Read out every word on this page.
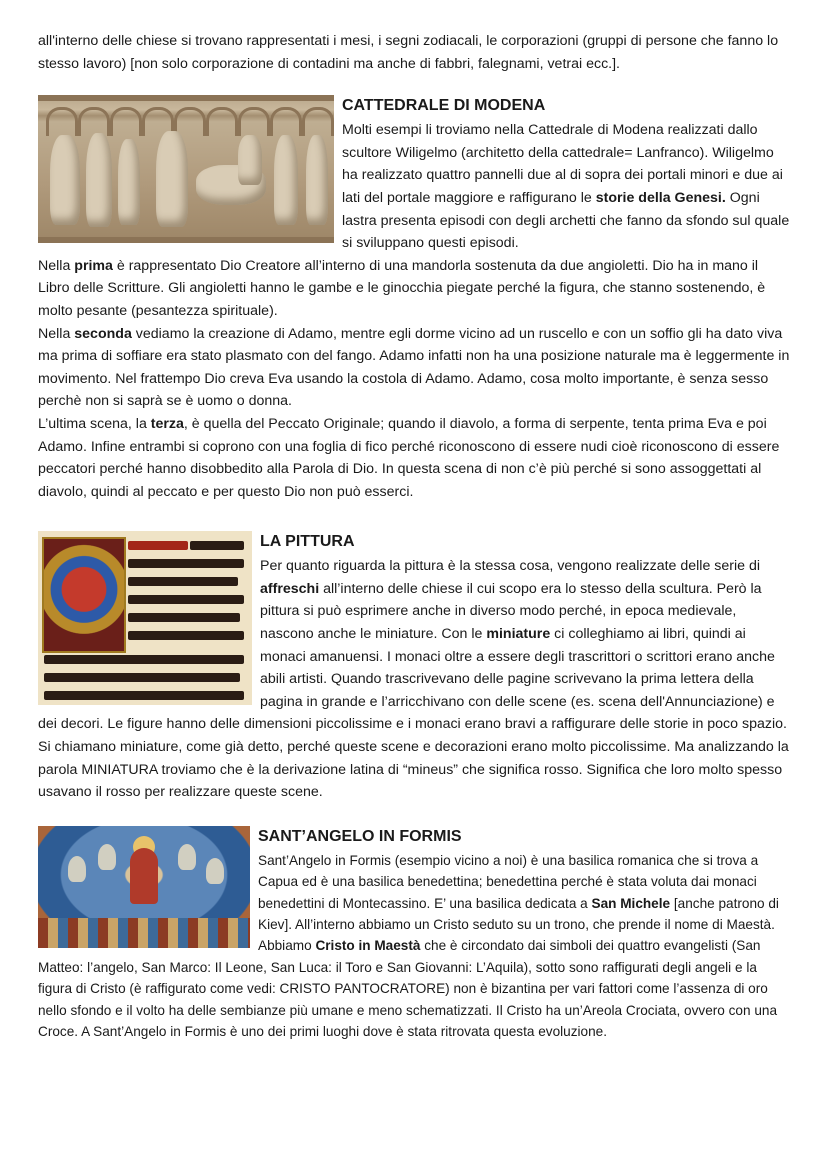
all'interno delle chiese si trovano rappresentati i mesi, i segni zodiacali, le corporazioni (gruppi di persone che fanno lo stesso lavoro) [non solo corporazione di contadini ma anche di fabbri, falegnami, vetrai ecc.].

CATTEDRALE DI MODENA

Molti esempi li troviamo nella Cattedrale di Modena realizzati dallo scultore Wiligelmo (architetto della cattedrale= Lanfranco). Wiligelmo ha realizzato quattro pannelli due al di sopra dei portali minori e due ai lati del portale maggiore e raffigurano le storie della Genesi. Ogni lastra presenta episodi con degli archetti che fanno da sfondo sul quale si sviluppano questi episodi.

Nella prima è rappresentato Dio Creatore all’interno di una mandorla sostenuta da due angioletti. Dio ha in mano il Libro delle Scritture. Gli angioletti hanno le gambe e le ginocchia piegate perché la figura, che stanno sostenendo, è molto pesante (pesantezza spirituale).

Nella seconda vediamo la creazione di Adamo, mentre egli dorme vicino ad un ruscello e con un soffio gli ha dato viva ma prima di soffiare era stato plasmato con del fango. Adamo infatti non ha una posizione naturale ma è leggermente in movimento. Nel frattempo Dio creva Eva usando la costola di Adamo. Adamo, cosa molto importante, è senza sesso perchè non si saprà se è uomo o donna.

L’ultima scena, la terza, è quella del Peccato Originale; quando il diavolo, a forma di serpente, tenta prima Eva e poi Adamo. Infine entrambi si coprono con una foglia di fico perché riconoscono di essere nudi cioè riconoscono di essere peccatori perché hanno disobbedito alla Parola di Dio. In questa scena di non c’è più perché si sono assoggettati al diavolo, quindi al peccato e per questo Dio non può esserci.

LA PITTURA

Per quanto riguarda la pittura è la stessa cosa, vengono realizzate delle serie di affreschi all’interno delle chiese il cui scopo era lo stesso della scultura. Però la pittura si può esprimere anche in diverso modo perché, in epoca medievale, nascono anche le miniature. Con le miniature ci colleghiamo ai libri, quindi ai monaci amanuensi. I monaci oltre a essere degli trascrittori o scrittori erano anche abili artisti. Quando trascrivevano delle pagine scrivevano la prima lettera della pagina in grande e l’arricchivano con delle scene (es. scena dell'Annunciazione) e dei decori. Le figure hanno delle dimensioni piccolissime e i monaci erano bravi a raffigurare delle storie in poco spazio. Si chiamano miniature, come già detto, perché queste scene e decorazioni erano molto piccolissime. Ma analizzando la parola MINIATURA troviamo che è la derivazione latina di “mineus” che significa rosso. Significa che loro molto spesso usavano il rosso per realizzare queste scene.

SANT’ANGELO IN FORMIS

Sant’Angelo in Formis (esempio vicino a noi) è una basilica romanica che si trova a Capua ed è una basilica benedettina; benedettina perché è stata voluta dai monaci benedettini di Montecassino. E’ una basilica dedicata a San Michele [anche patrono di Kiev]. All’interno abbiamo un Cristo seduto su un trono, che prende il nome di Maestà. Abbiamo Cristo in Maestà che è circondato dai simboli dei quattro evangelisti (San Matteo: l’angelo, San Marco: Il Leone, San Luca: il Toro e San Giovanni: L’Aquila), sotto sono raffigurati degli angeli e la figura di Cristo (è raffigurato come vedi: CRISTO PANTOCRATORE) non è bizantina per vari fattori come l’assenza di oro nello sfondo e il volto ha delle sembianze più umane e meno schematizzati. Il Cristo ha un’Areola Crociata, ovvero con una Croce. A Sant’Angelo in Formis è uno dei primi luoghi dove è stata ritrovata questa evoluzione.
